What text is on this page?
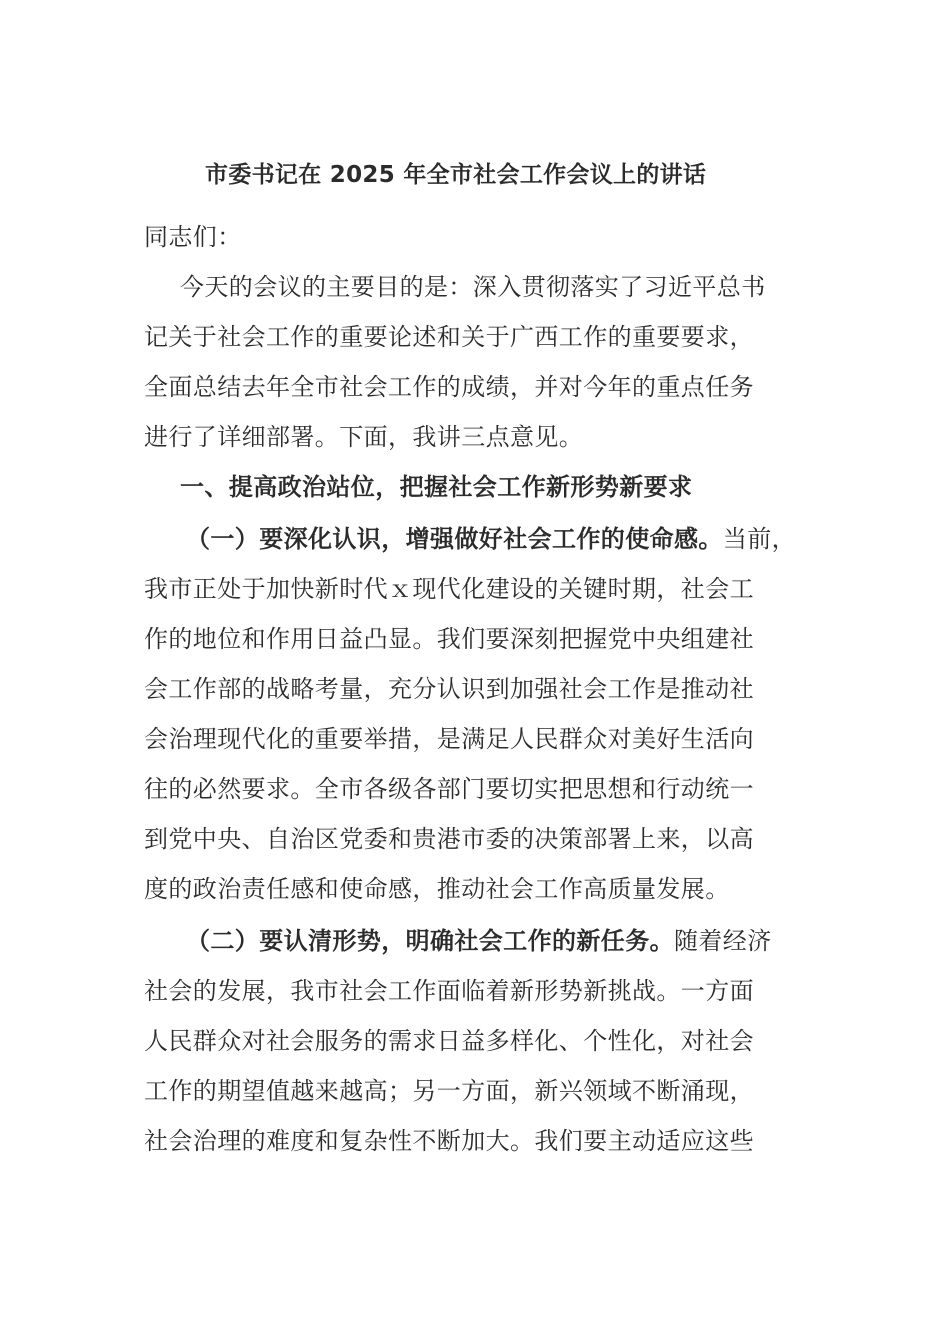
市委书记在 2025 年全市社会工作会议上的讲话
同志们：
今天的会议的主要目的是：深入贯彻落实了习近平总书
记关于社会工作的重要论述和关于广西工作的重要要求，
全面总结去年全市社会工作的成绩，并对今年的重点任务
进行了详细部署。下面，我讲三点意见。
一、提高政治站位，把握社会工作新形势新要求
（一）要深化认识，增强做好社会工作的使命感。当前，
我市正处于加快新时代ｘ现代化建设的关键时期，社会工
作的地位和作用日益凸显。我们要深刻把握党中央组建社
会工作部的战略考量，充分认识到加强社会工作是推动社
会治理现代化的重要举措，是满足人民群众对美好生活向
往的必然要求。全市各级各部门要切实把思想和行动统一
到党中央、自治区党委和贵港市委的决策部署上来，以高
度的政治责任感和使命感，推动社会工作高质量发展。
（二）要认清形势，明确社会工作的新任务。随着经济
社会的发展，我市社会工作面临着新形势新挑战。一方面
人民群众对社会服务的需求日益多样化、个性化，对社会
工作的期望值越来越高；另一方面，新兴领域不断涌现，
社会治理的难度和复杂性不断加大。我们要主动适应这些
